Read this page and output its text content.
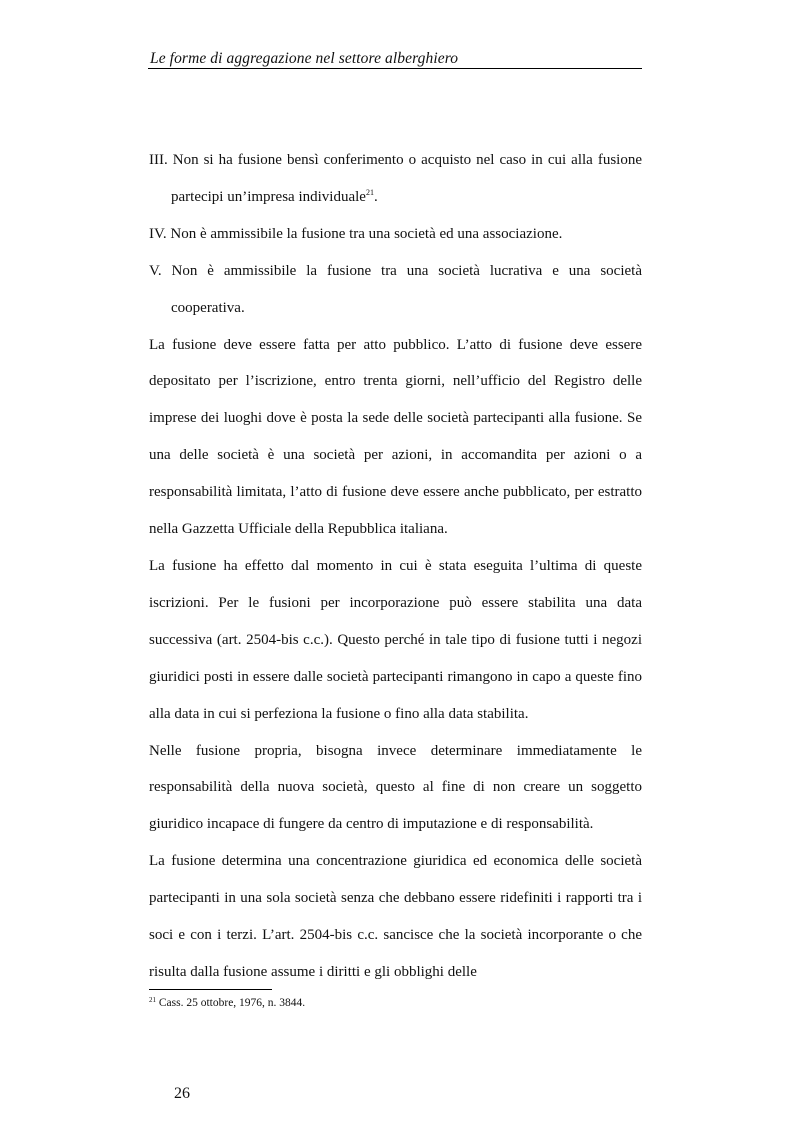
Le forme di aggregazione nel settore alberghiero

III. Non si ha fusione bensì conferimento o acquisto nel caso in cui alla fusione partecipi un’impresa individuale$^{21}$.

IV. Non è ammissibile la fusione tra una società ed una associazione.

V. Non è ammissibile la fusione tra una società lucrativa e una società cooperativa.

La fusione deve essere fatta per atto pubblico. L’atto di fusione deve essere depositato per l’iscrizione, entro trenta giorni, nell’ufficio del Registro delle imprese dei luoghi dove è posta la sede delle società partecipanti alla fusione. Se una delle società è una società per azioni, in accomandita per azioni o a responsabilità limitata, l’atto di fusione deve essere anche pubblicato, per estratto nella Gazzetta Ufficiale della Repubblica italiana.

La fusione ha effetto dal momento in cui è stata eseguita l’ultima di queste iscrizioni. Per le fusioni per incorporazione può essere stabilita una data successiva (art. 2504-bis c.c.). Questo perché in tale tipo di fusione tutti i negozi giuridici posti in essere dalle società partecipanti rimangono in capo a queste fino alla data in cui si perfeziona la fusione o fino alla data stabilita.

Nelle fusione propria, bisogna invece determinare immediatamente le responsabilità della nuova società, questo al fine di non creare un soggetto giuridico incapace di fungere da centro di imputazione e di responsabilità.

La fusione determina una concentrazione giuridica ed economica delle società partecipanti in una sola società senza che debbano essere ridefiniti i rapporti tra i soci e con i terzi. L’art. 2504-bis c.c. sancisce che la società incorporante o che risulta dalla fusione assume i diritti e gli obblighi delle

$^{21}$ Cass. 25 ottobre, 1976, n. 3844.
26
